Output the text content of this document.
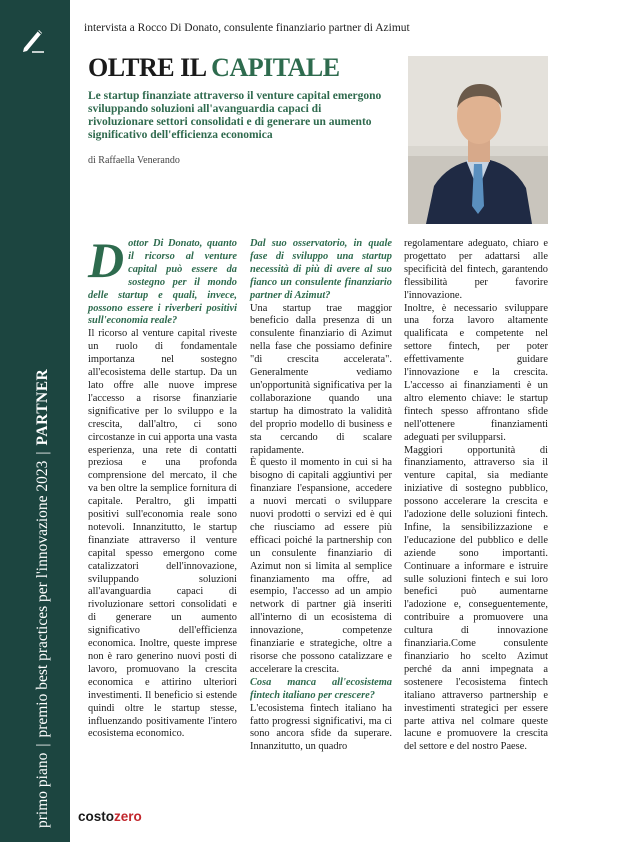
primo piano|premio best practices per l'innovazione 2023|PARTNER
intervista a Rocco Di Donato, consulente finanziario partner di Azimut
OLTRE IL CAPITALE
Le startup finanziate attraverso il venture capital emergono sviluppando soluzioni all'avanguardia capaci di rivoluzionare settori consolidati e di generare un aumento significativo dell'efficienza economica
di Raffaella Venerando
D ottor Di Donato, quanto il ricorso al venture capital può essere da sostegno per il mondo delle startup e quali, invece, possono essere i riverberi positivi sull'economia reale?

Il ricorso al venture capital riveste un ruolo di fondamentale importanza nel sostegno all'ecosistema delle startup. Da un lato offre alle nuove imprese l'accesso a risorse finanziarie significative per lo sviluppo e la crescita, dall'altro, ci sono circostanze in cui apporta una vasta esperienza, una rete di contatti preziosa e una profonda comprensione del mercato, il che va ben oltre la semplice fornitura di capitale. Peraltro, gli impatti positivi sull'economia reale sono notevoli. Innanzitutto, le startup finanziate attraverso il venture capital spesso emergono come catalizzatori dell'innovazione, sviluppando soluzioni all'avanguardia capaci di rivoluzionare settori consolidati e di generare un aumento significativo dell'efficienza economica. Inoltre, queste imprese non è raro generino nuovi posti di lavoro, promuovano la crescita economica e attirino ulteriori investimenti. Il beneficio si estende quindi oltre le startup stesse, influenzando positivamente l'intero ecosistema economico.

Dal suo osservatorio, in quale fase di sviluppo una startup necessità di più di avere al suo fianco un consulente finanziario partner di Azimut?

Una startup trae maggior beneficio dalla presenza di un consulente finanziario di Azimut nella fase che possiamo definire "di crescita accelerata". Generalmente vediamo un'opportunità significativa per la collaborazione quando una startup ha dimostrato la validità del proprio modello di business e sta cercando di scalare rapidamente.

È questo il momento in cui si ha bisogno di capitali aggiuntivi per finanziare l'espansione, accedere a nuovi mercati o sviluppare nuovi prodotti o servizi ed è qui che riusciamo ad essere più efficaci poiché la partnership con un consulente finanziario di Azimut non si limita al semplice finanziamento ma offre, ad esempio, l'accesso ad un ampio network di partner già inseriti all'interno di un ecosistema di innovazione, competenze finanziarie e strategiche, oltre a risorse che possono catalizzare e accelerare la crescita.

Cosa manca all'ecosistema fintech italiano per crescere?

L'ecosistema fintech italiano ha fatto progressi significativi, ma ci sono ancora sfide da superare. Innanzitutto, un quadro

regolamentare adeguato, chiaro e progettato per adattarsi alle specificità del fintech, garantendo flessibilità per favorire l'innovazione.

Inoltre, è necessario sviluppare una forza lavoro altamente qualificata e competente nel settore fintech, per poter effettivamente guidare l'innovazione e la crescita. L'accesso ai finanziamenti è un altro elemento chiave: le startup fintech spesso affrontano sfide nell'ottenere finanziamenti adeguati per svilupparsi.

Maggiori opportunità di finanziamento, attraverso sia il venture capital, sia mediante iniziative di sostegno pubblico, possono accelerare la crescita e l'adozione delle soluzioni fintech. Infine, la sensibilizzazione e l'educazione del pubblico e delle aziende sono importanti. Continuare a informare e istruire sulle soluzioni fintech e sui loro benefici può aumentarne l'adozione e, conseguentemente, contribuire a promuovere una cultura di innovazione finanziaria.Come consulente finanziario ho scelto Azimut perché da anni impegnata a sostenere l'ecosistema fintech italiano attraverso partnership e investimenti strategici per essere parte attiva nel colmare queste lacune e promuovere la crescita del settore e del nostro Paese.

costozero
